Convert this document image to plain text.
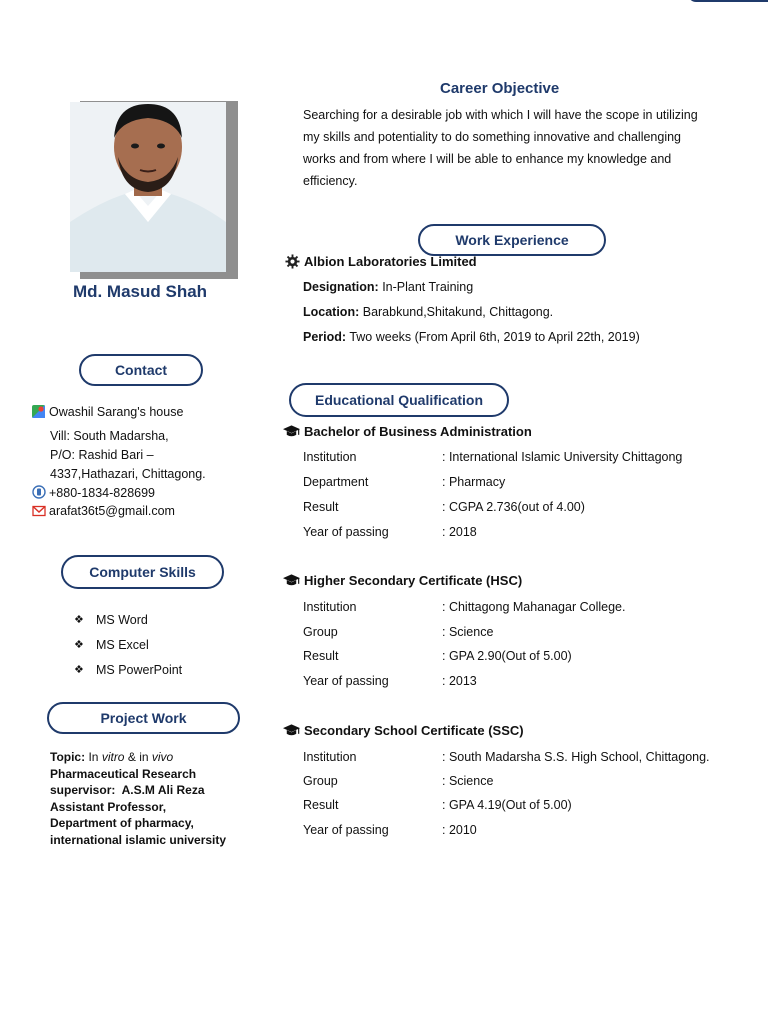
Md. Masud Shah
Contact
Owashil Sarang's house
Vill: South Madarsha,
P/O: Rashid Bari –
4337,Hathazari, Chittagong.
+880-1834-828699
arafat36t5@gmail.com
Computer Skills
❖ MS Word
❖ MS Excel
❖ MS PowerPoint
Project Work
Topic: In vitro & in vivo
Pharmaceutical Research
supervisor: A.S.M Ali Reza
Assistant Professor,
Department of pharmacy,
international islamic university
Career Objective
Searching for a desirable job with which I will have the scope in utilizing
my skills and potentiality to do something innovative and challenging
works and from where I will be able to enhance my knowledge and
efficiency.
Work Experience
Albion Laboratories Limited
Designation: In-Plant Training
Location: Barabkund,Shitakund, Chittagong.
Period: Two weeks (From April 6th, 2019 to April 22th, 2019)
Educational Qualification
Bachelor of Business Administration
Institution	: International Islamic University Chittagong
Department	: Pharmacy
Result	: CGPA 2.736(out of 4.00)
Year of passing	: 2018
Higher Secondary Certificate (HSC)
Institution	: Chittagong Mahanagar College.
Group	: Science
Result	: GPA 2.90(Out of 5.00)
Year of passing	: 2013
Secondary School Certificate (SSC)
Institution	: South Madarsha S.S. High School, Chittagong.
Group	: Science
Result	: GPA 4.19(Out of 5.00)
Year of passing	: 2010
